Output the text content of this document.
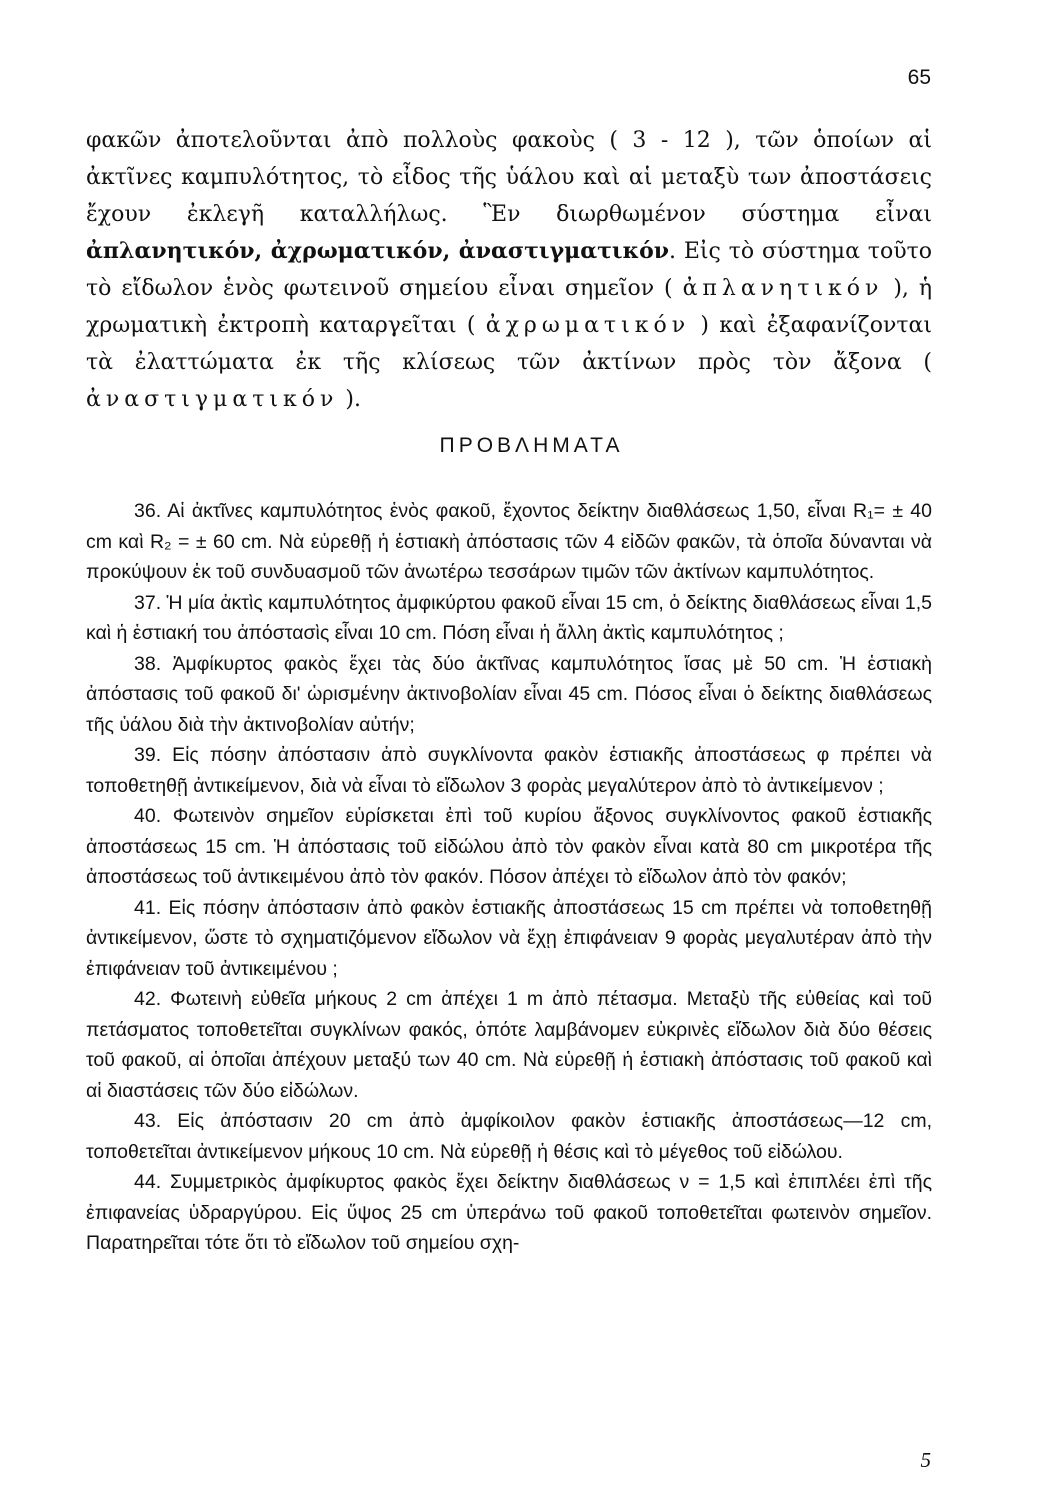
65
φακῶν ἀποτελοῦνται ἀπὸ πολλοὺς φακοὺς ( 3 - 12 ), τῶν ὁποίων αἱ ἀκτῖνες καμπυλότητος, τὸ εἶδος τῆς ὑάλου καὶ αἱ μεταξὺ των ἀποστάσεις ἔχουν ἐκλεγῆ καταλλήλως. Ἓν διωρθωμένον σύστημα εἶναι ἀπλανητικόν, ἀχρωματικόν, ἀναστιγματικόν. Εἰς τὸ σύστημα τοῦτο τὸ εἴδωλον ἑνὸς φωτεινοῦ σημείου εἶναι σημεῖον ( ἀπλανητικόν ), ἡ χρωματικὴ ἐκτροπὴ καταργεῖται ( ἀχρωματικόν ) καὶ ἐξαφανίζονται τὰ ἐλαττώματα ἐκ τῆς κλίσεως τῶν ἀκτίνων πρὸς τὸν ἄξονα ( ἀναστιγματικόν ).
ΠΡΟΒΛΗΜΑΤΑ

36. Αἱ ἀκτῖνες καμπυλότητος ἑνὸς φακοῦ, ἔχοντος δείκτην διαθλάσεως 1,50, εἶναι R₁= ± 40 cm καὶ R₂ = ± 60 cm. Νὰ εὑρεθῇ ἡ ἑστιακὴ ἀπόστασις τῶν 4 εἰδῶν φακῶν, τὰ ὁποῖα δύνανται νὰ προκύψουν ἐκ τοῦ συνδυασμοῦ τῶν ἀνωτέρω τεσσάρων τιμῶν τῶν ἀκτίνων καμπυλότητος.

37. Ἡ μία ἀκτὶς καμπυλότητος ἀμφικύρτου φακοῦ εἶναι 15 cm, ὁ δείκτης διαθλάσεως εἶναι 1,5 καὶ ἡ ἑστιακή του ἀπόστασὶς εἶναι 10 cm. Πόση εἶναι ἡ ἄλλη ἀκτὶς καμπυλότητος ;

38. Ἀμφίκυρτος φακὸς ἔχει τὰς δύο ἀκτῖνας καμπυλότητος ἴσας μὲ 50 cm. Ἡ ἑστιακὴ ἀπόστασις τοῦ φακοῦ δι' ὡρισμένην ἀκτινοβολίαν εἶναι 45 cm. Πόσος εἶναι ὁ δείκτης διαθλάσεως τῆς ὑάλου διὰ τὴν ἀκτινοβολίαν αὐτήν;

39. Εἰς πόσην ἀπόστασιν ἀπὸ συγκλίνοντα φακὸν ἑστιακῆς ἀποστάσεως φ πρέπει νὰ τοποθετηθῇ ἀντικείμενον, διὰ νὰ εἶναι τὸ εἴδωλον 3 φορὰς μεγαλύτερον ἀπὸ τὸ ἀντικείμενον ;

40. Φωτεινὸν σημεῖον εὑρίσκεται ἐπὶ τοῦ κυρίου ἄξονος συγκλίνοντος φακοῦ ἑστιακῆς ἀποστάσεως 15 cm. Ἡ ἀπόστασις τοῦ εἰδώλου ἀπὸ τὸν φακὸν εἶναι κατὰ 80 cm μικροτέρα τῆς ἀποστάσεως τοῦ ἀντικειμένου ἀπὸ τὸν φακόν. Πόσον ἀπέχει τὸ εἴδωλον ἀπὸ τὸν φακόν;

41. Εἰς πόσην ἀπόστασιν ἀπὸ φακὸν ἑστιακῆς ἀποστάσεως 15 cm πρέπει νὰ τοποθετηθῇ ἀντικείμενον, ὥστε τὸ σχηματιζόμενον εἴδωλον νὰ ἔχῃ ἐπιφάνειαν 9 φορὰς μεγαλυτέραν ἀπὸ τὴν ἐπιφάνειαν τοῦ ἀντικειμένου ;

42. Φωτεινὴ εὐθεῖα μήκους 2 cm ἀπέχει 1 m ἀπὸ πέτασμα. Μεταξὺ τῆς εὐθείας καὶ τοῦ πετάσματος τοποθετεῖται συγκλίνων φακός, ὁπότε λαμβάνομεν εὐκρινὲς εἴδωλον διὰ δύο θέσεις τοῦ φακοῦ, αἱ ὁποῖαι ἀπέχουν μεταξύ των 40 cm. Νὰ εὑρεθῇ ἡ ἑστιακὴ ἀπόστασις τοῦ φακοῦ καὶ αἱ διαστάσεις τῶν δύο εἰδώλων.

43. Εἰς ἀπόστασιν 20 cm ἀπὸ ἀμφίκοιλον φακὸν ἑστιακῆς ἀποστάσεως—12 cm, τοποθετεῖται ἀντικείμενον μήκους 10 cm. Νὰ εὑρεθῇ ἡ θέσις καὶ τὸ μέγεθος τοῦ εἰδώλου.

44. Συμμετρικὸς ἀμφίκυρτος φακὸς ἔχει δείκτην διαθλάσεως ν = 1,5 καὶ ἐπιπλέει ἐπὶ τῆς ἐπιφανείας ὑδραργύρου. Εἰς ὕψος 25 cm ὑπεράνω τοῦ φακοῦ τοποθετεῖται φωτεινὸν σημεῖον. Παρατηρεῖται τότε ὅτι τὸ εἴδωλον τοῦ σημείου σχη-

5
